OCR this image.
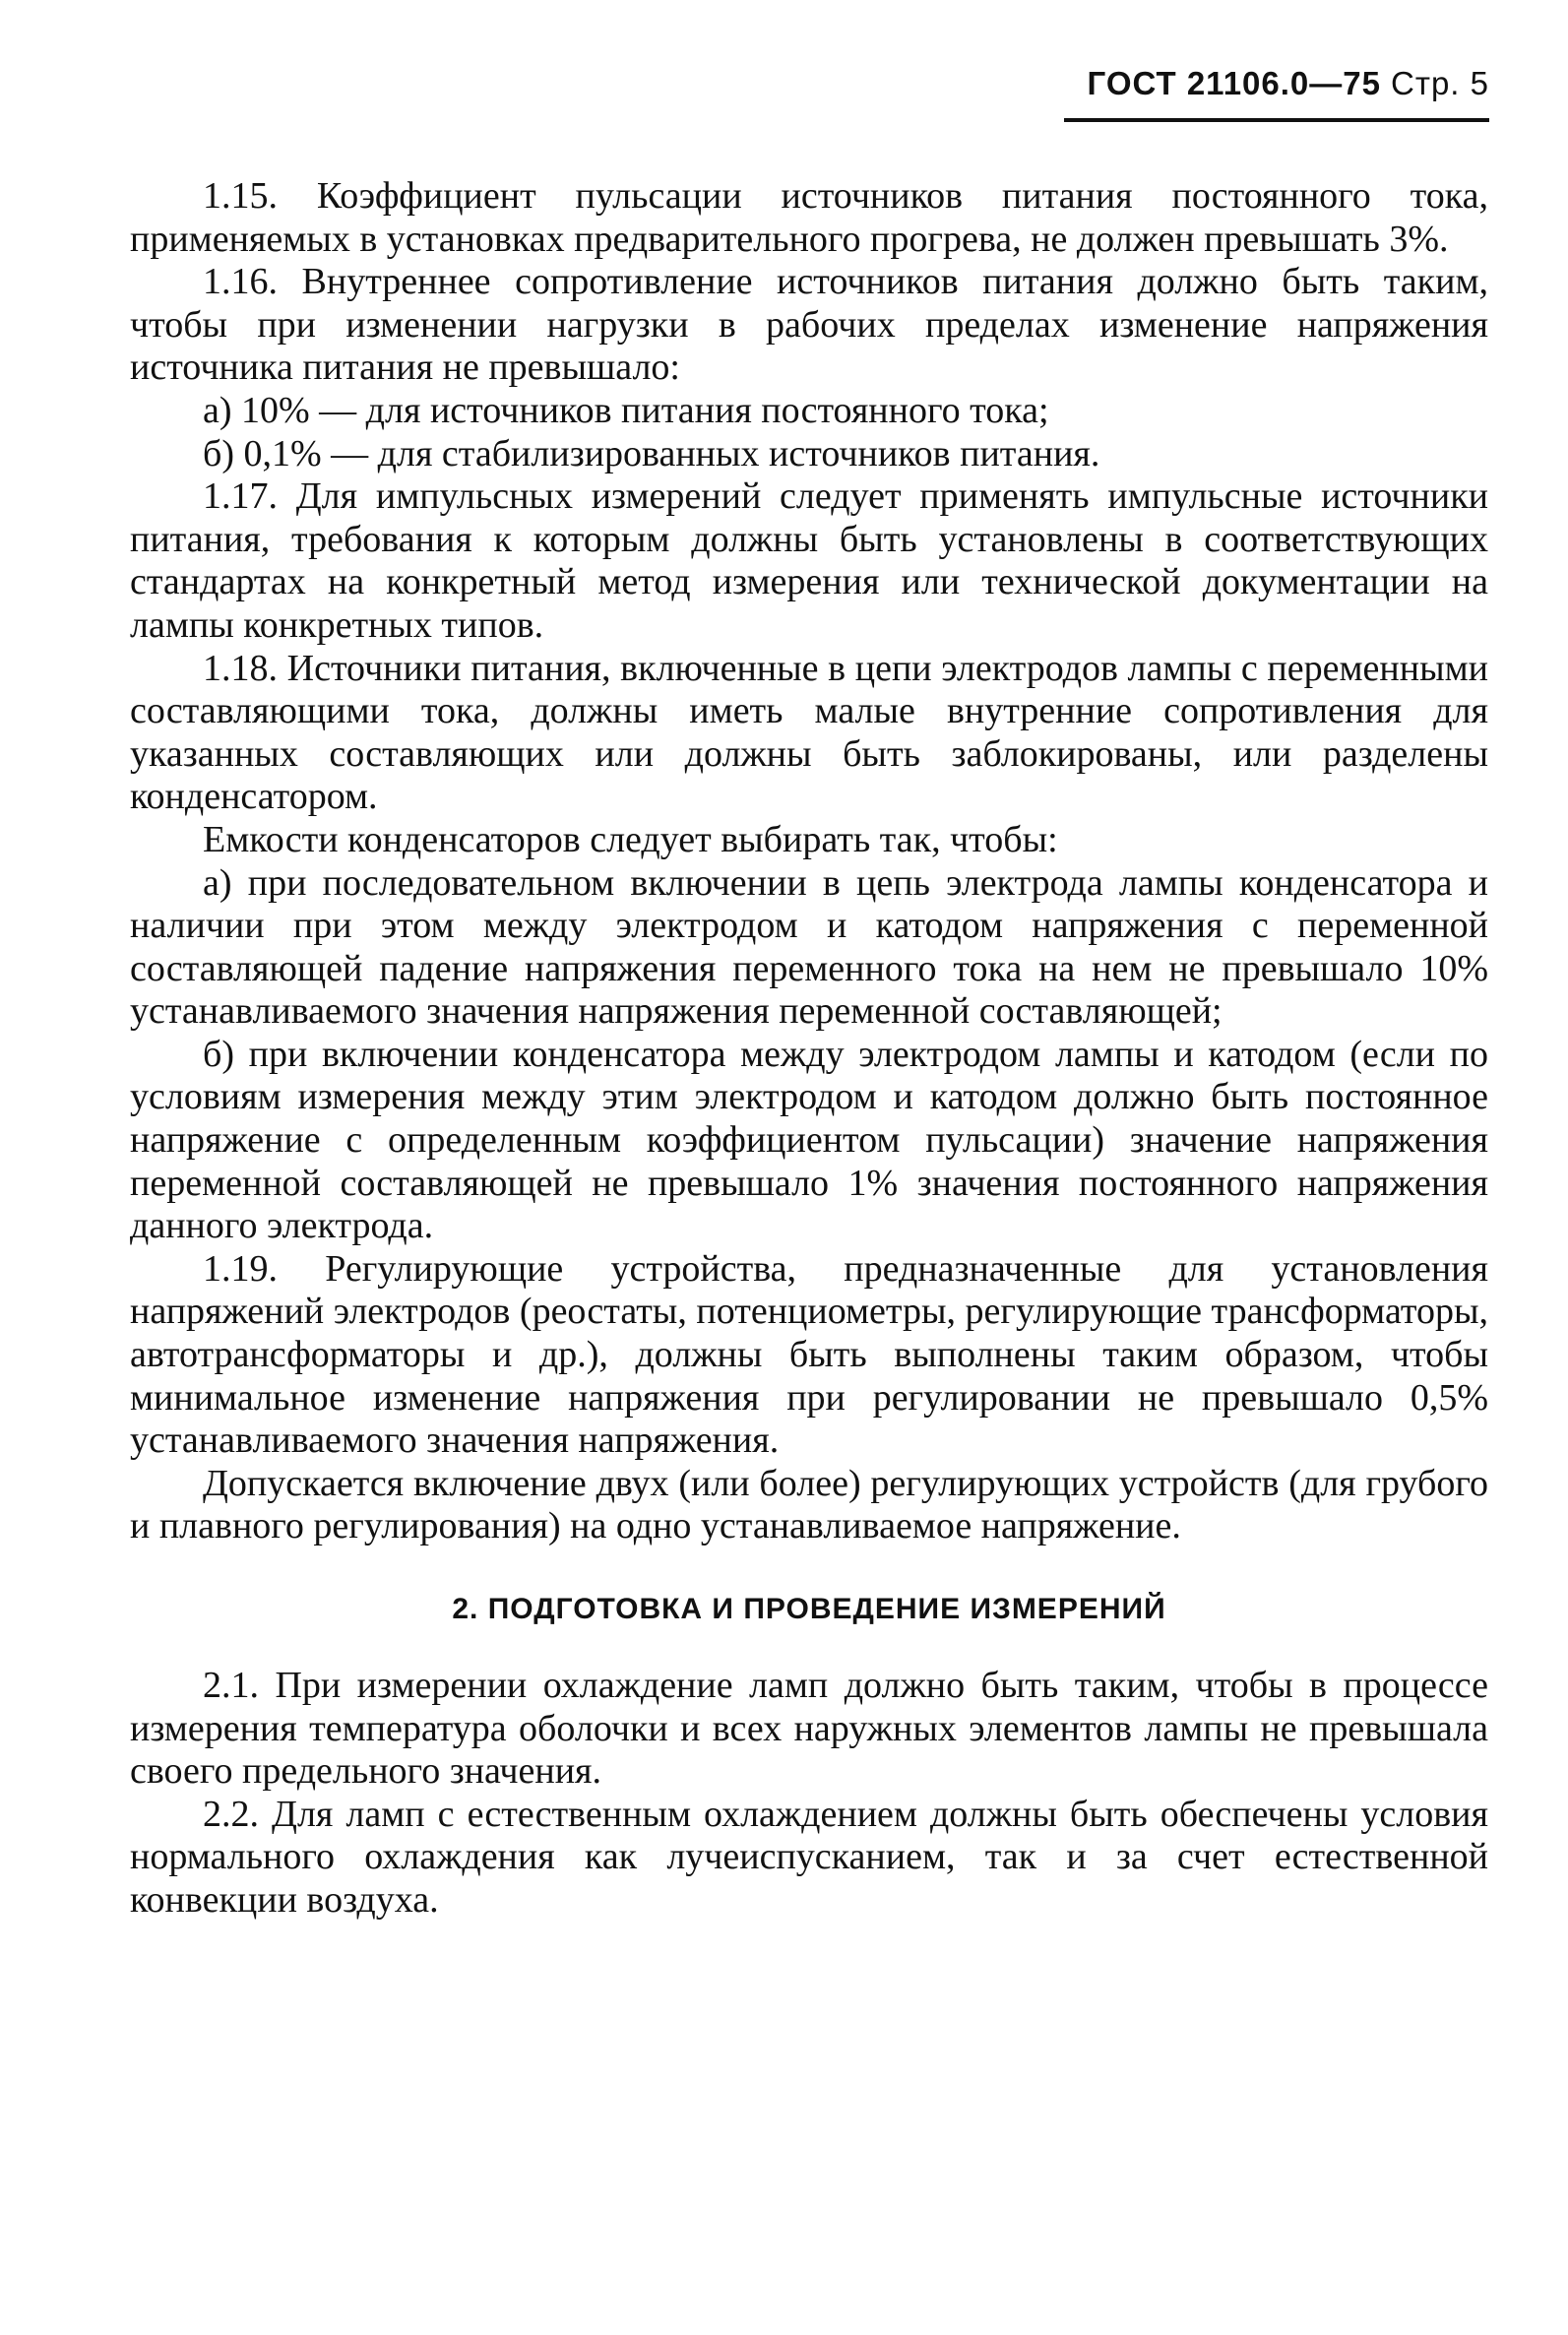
ГОСТ 21106.0—75 Стр. 5

1.15. Коэффициент пульсации источников питания постоянного тока, применяемых в установках предварительного прогрева, не должен превышать 3%.

1.16. Внутреннее сопротивление источников питания должно быть таким, чтобы при изменении нагрузки в рабочих пределах изменение напряжения источника питания не превышало:

а) 10% — для источников питания постоянного тока;

б) 0,1% — для стабилизированных источников питания.

1.17. Для импульсных измерений следует применять импульсные источники питания, требования к которым должны быть установлены в соответствующих стандартах на конкретный метод измерения или технической документации на лампы конкретных типов.

1.18. Источники питания, включенные в цепи электродов лампы с переменными составляющими тока, должны иметь малые внутренние сопротивления для указанных составляющих или должны быть заблокированы, или разделены конденсатором.

Емкости конденсаторов следует выбирать так, чтобы:

а) при последовательном включении в цепь электрода лампы конденсатора и наличии при этом между электродом и катодом напряжения с переменной составляющей падение напряжения переменного тока на нем не превышало 10% устанавливаемого значения напряжения переменной составляющей;

б) при включении конденсатора между электродом лампы и катодом (если по условиям измерения между этим электродом и катодом должно быть постоянное напряжение с определенным коэффициентом пульсации) значение напряжения переменной составляющей не превышало 1% значения постоянного напряжения данного электрода.

1.19. Регулирующие устройства, предназначенные для установления напряжений электродов (реостаты, потенциометры, регулирующие трансформаторы, автотрансформаторы и др.), должны быть выполнены таким образом, чтобы минимальное изменение напряжения при регулировании не превышало 0,5% устанавливаемого значения напряжения.

Допускается включение двух (или более) регулирующих устройств (для грубого и плавного регулирования) на одно устанавливаемое напряжение.

2. ПОДГОТОВКА И ПРОВЕДЕНИЕ ИЗМЕРЕНИЙ

2.1. При измерении охлаждение ламп должно быть таким, чтобы в процессе измерения температура оболочки и всех наружных элементов лампы не превышала своего предельного значения.

2.2. Для ламп с естественным охлаждением должны быть обеспечены условия нормального охлаждения как лучеиспусканием, так и за счет естественной конвекции воздуха.
